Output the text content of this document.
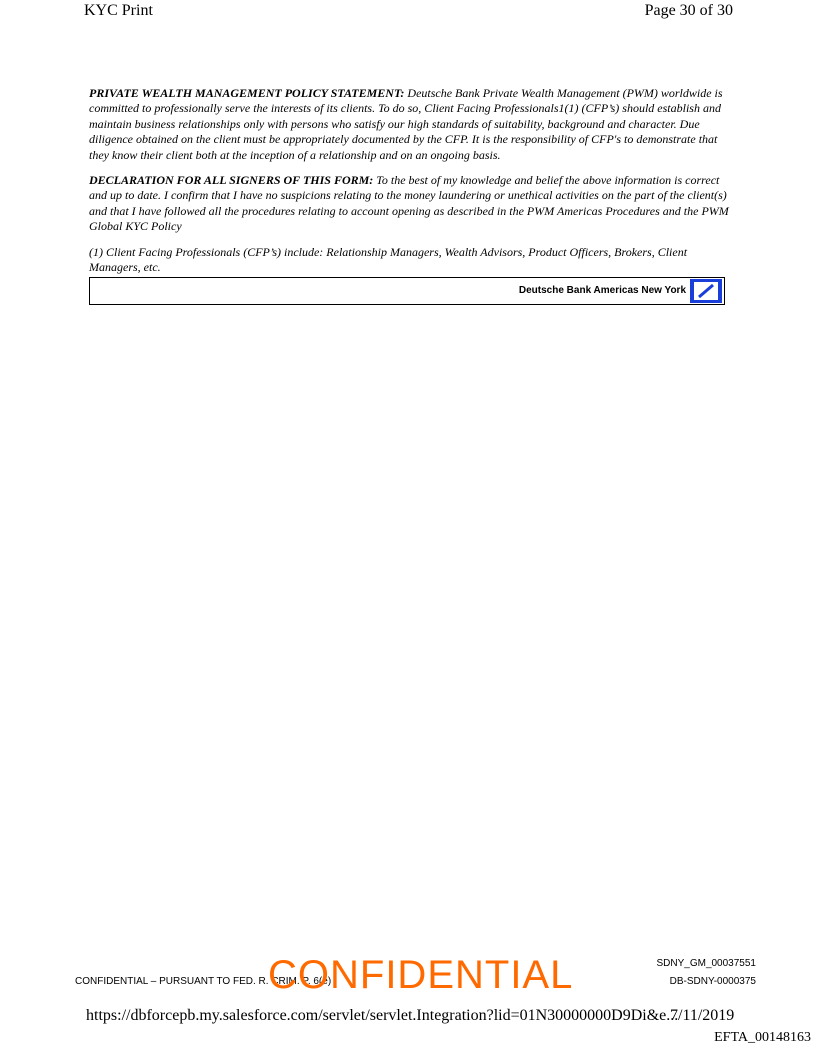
KYC Print	Page 30 of 30

PRIVATE WEALTH MANAGEMENT POLICY STATEMENT: Deutsche Bank Private Wealth Management (PWM) worldwide is committed to professionally serve the interests of its clients. To do so, Client Facing Professionals1(1) (CFP’s) should establish and maintain business relationships only with persons who satisfy our high standards of suitability, background and character. Due diligence obtained on the client must be appropriately documented by the CFP. It is the responsibility of CFP's to demonstrate that they know their client both at the inception of a relationship and on an ongoing basis.

DECLARATION FOR ALL SIGNERS OF THIS FORM: To the best of my knowledge and belief the above information is correct and up to date. I confirm that I have no suspicions relating to the money laundering or unethical activities on the part of the client(s) and that I have followed all the procedures relating to account opening as described in the PWM Americas Procedures and the PWM Global KYC Policy

(1) Client Facing Professionals (CFP’s) include: Relationship Managers, Wealth Advisors, Product Officers, Brokers, Client Managers, etc.

Deutsche Bank Americas New York
CONFIDENTIAL – PURSUANT TO FED. R. CRIM. P. 6(e)
CONFIDENTIAL	SDNY_GM_00037551
DB-SDNY-0000375
https://dbforcepb.my.salesforce.com/servlet/servlet.Integration?lid=01N30000000D9Di&e...
7/11/2019
EFTA_00148163
